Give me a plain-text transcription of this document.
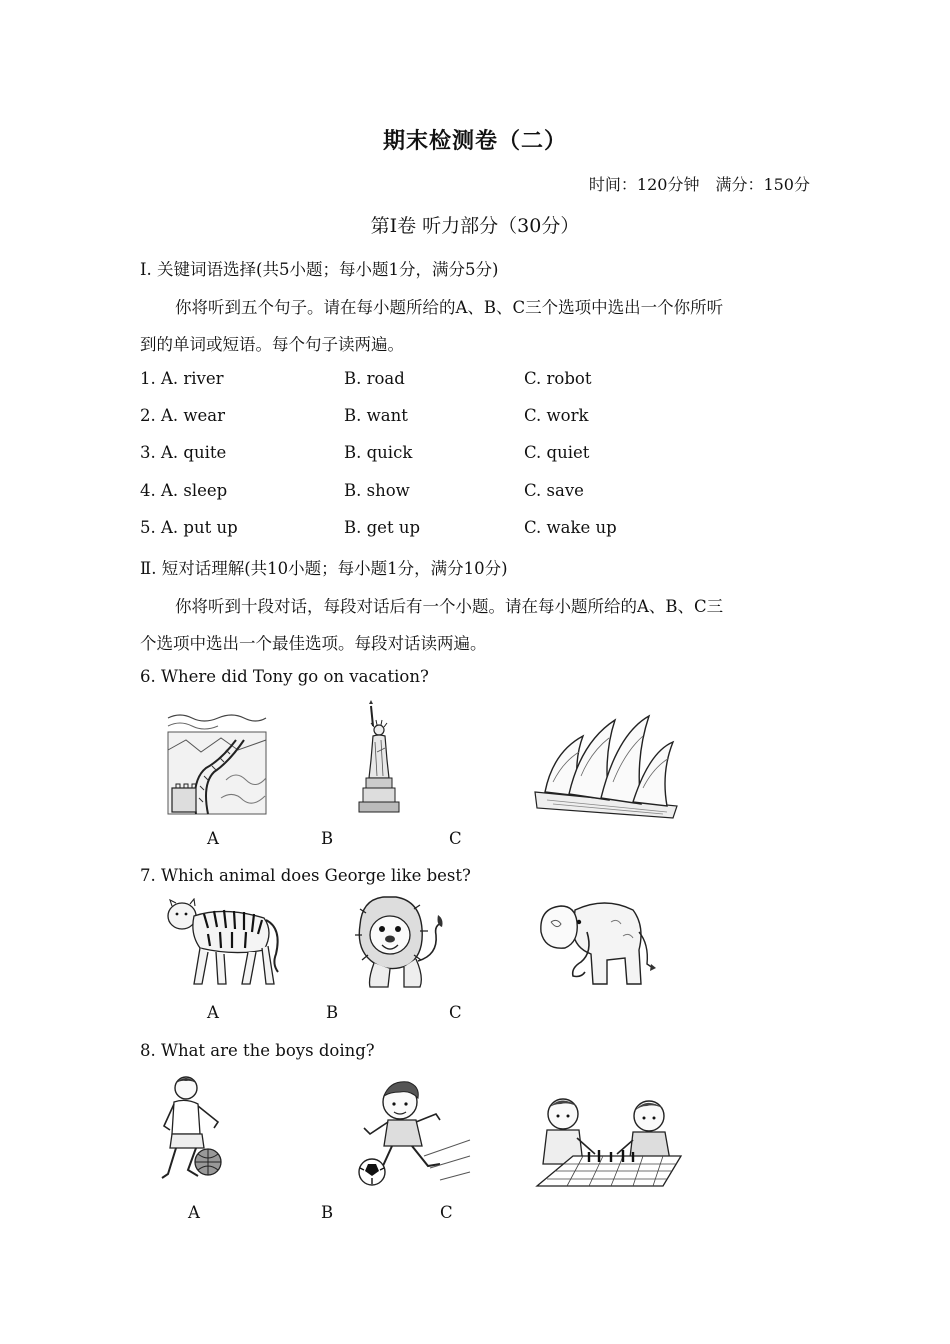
期末检测卷（二）
时间：120分钟　满分：150分
第Ⅰ卷 听力部分（30分）
Ⅰ. 关键词语选择(共5小题；每小题1分，满分5分)
你将听到五个句子。请在每小题所给的A、B、C三个选项中选出一个你所听
到的单词或短语。每个句子读两遍。
1. A. river	B. road	C. robot
2. A. wear	B. want	C. work
3. A. quite	B. quick	C. quiet
4. A. sleep	B. show	C. save
5. A. put up	B. get up	C. wake up
Ⅱ. 短对话理解(共10小题；每小题1分，满分10分)
你将听到十段对话，每段对话后有一个小题。请在每小题所给的A、B、C三
个选项中选出一个最佳选项。每段对话读两遍。
6. Where did Tony go on vacation?
A	B	C
7. Which animal does George like best?
A	B	C
8. What are the boys doing?
A	B	C
